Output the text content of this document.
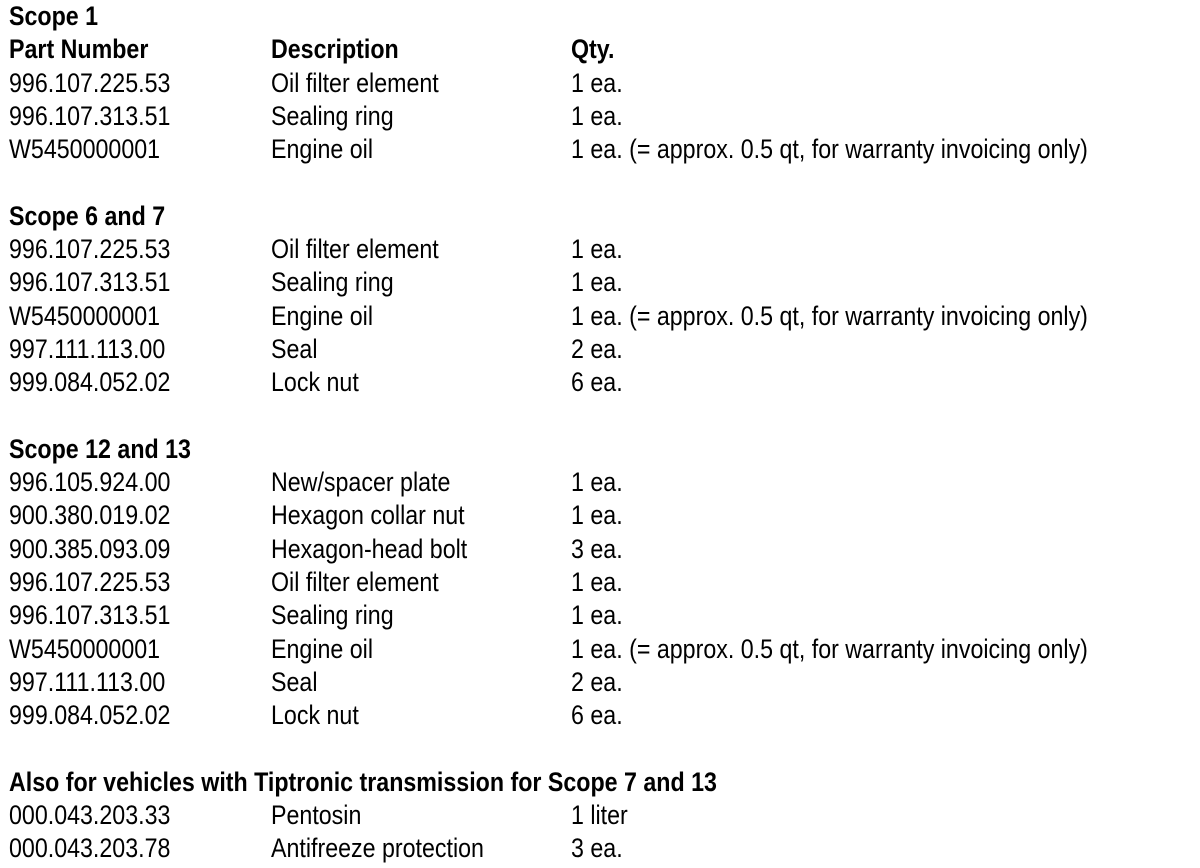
Scope 1
Part Number	Description	Qty.
996.107.225.53	Oil filter element	1 ea.
996.107.313.51	Sealing ring	1 ea.
W5450000001	Engine oil	1 ea. (= approx. 0.5 qt, for warranty invoicing only)
Scope 6 and 7
996.107.225.53	Oil filter element	1 ea.
996.107.313.51	Sealing ring	1 ea.
W5450000001	Engine oil	1 ea. (= approx. 0.5 qt, for warranty invoicing only)
997.111.113.00	Seal	2 ea.
999.084.052.02	Lock nut	6 ea.
Scope 12 and 13
996.105.924.00	New/spacer plate	1 ea.
900.380.019.02	Hexagon collar nut	1 ea.
900.385.093.09	Hexagon-head bolt	3 ea.
996.107.225.53	Oil filter element	1 ea.
996.107.313.51	Sealing ring	1 ea.
W5450000001	Engine oil	1 ea. (= approx. 0.5 qt, for warranty invoicing only)
997.111.113.00	Seal	2 ea.
999.084.052.02	Lock nut	6 ea.
Also for vehicles with Tiptronic transmission for Scope 7 and 13
000.043.203.33	Pentosin	1 liter
000.043.203.78	Antifreeze protection	3 ea.
